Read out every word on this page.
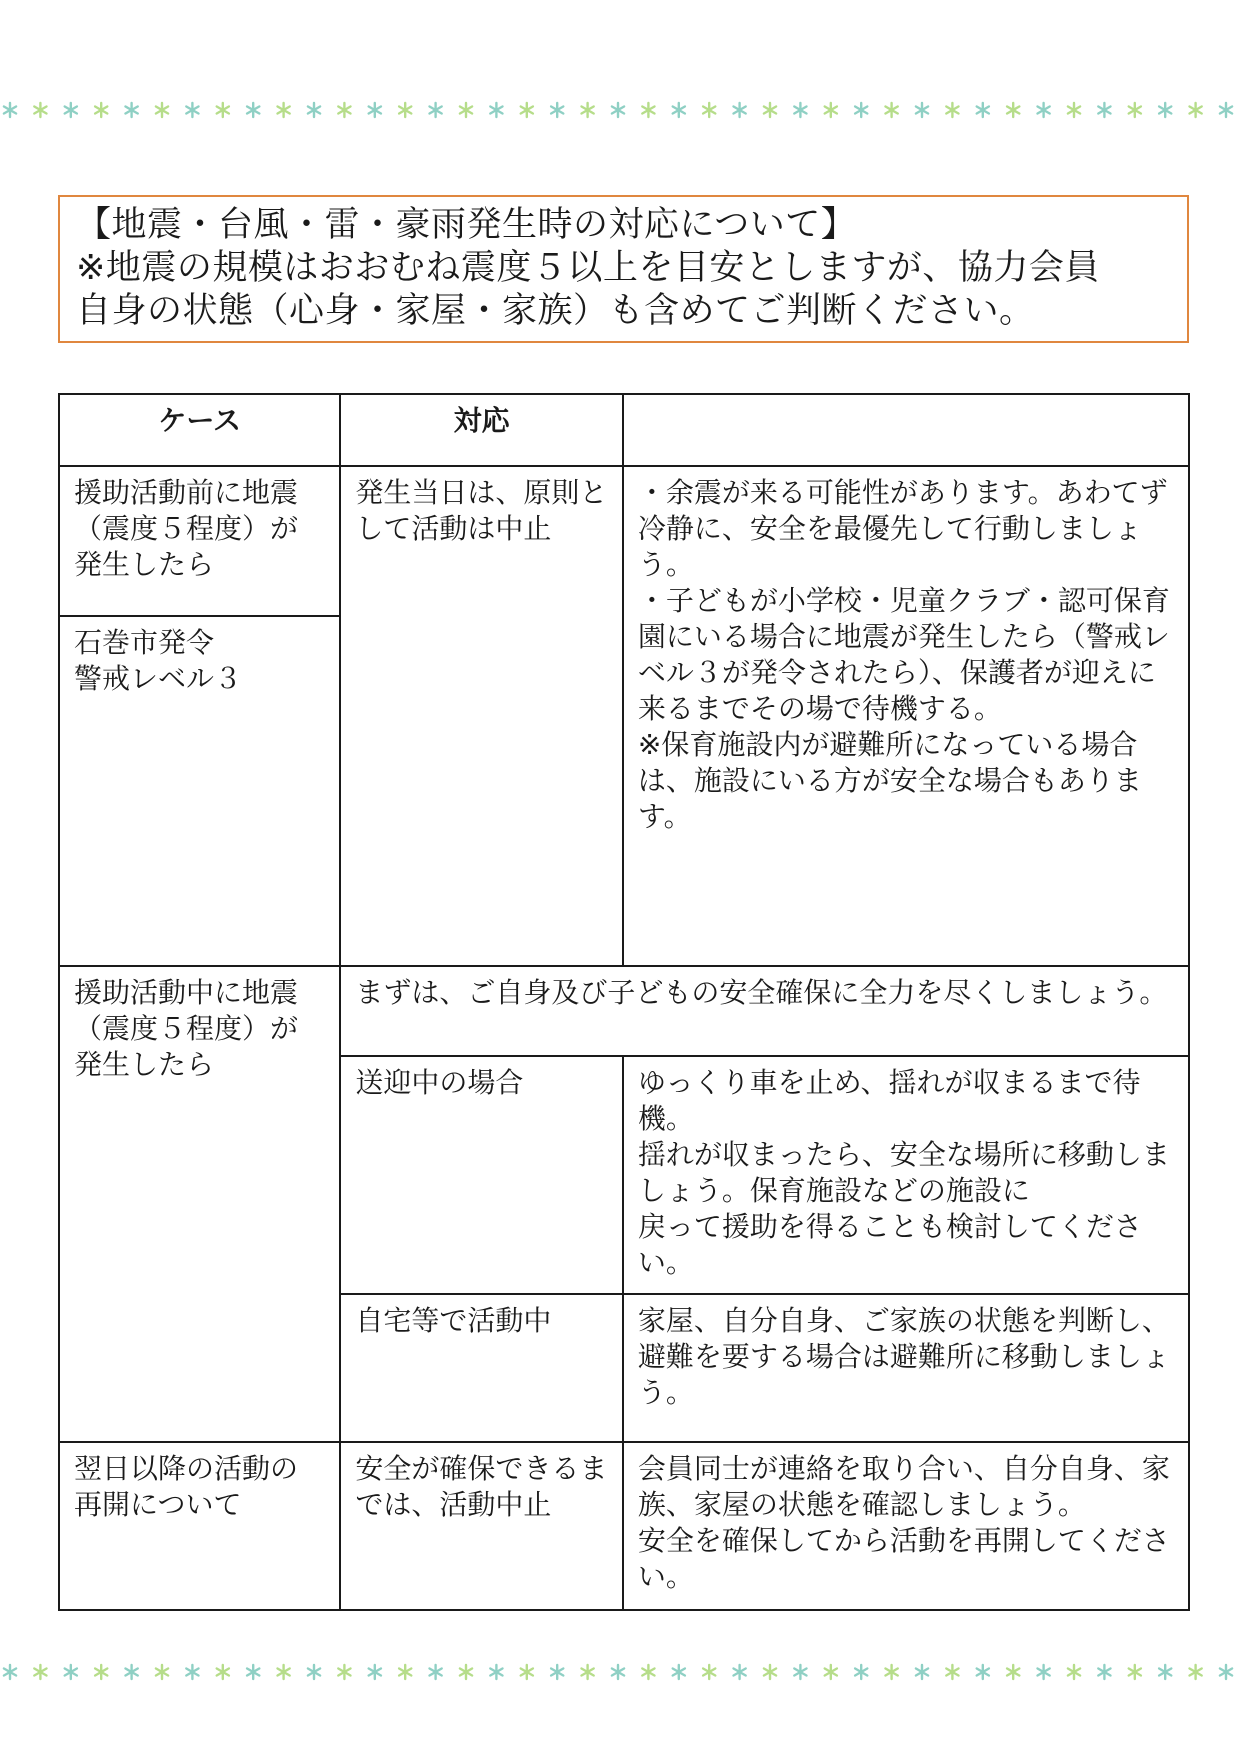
【地震・台風・雷・豪雨発生時の対応について】
※地震の規模はおおむね震度５以上を目安としますが、協力会員
自身の状態（心身・家屋・家族）も含めてご判断ください。
ケース	対応	
援助活動前に地震（震度５程度）が発生したら	発生当日は、原則として活動は中止	・余震が来る可能性があります。あわてず冷静に、安全を最優先して行動しましょう。
・子どもが小学校・児童クラブ・認可保育園にいる場合に地震が発生したら（警戒レベル３が発令されたら）、保護者が迎えに来るまでその場で待機する。
※保育施設内が避難所になっている場合は、施設にいる方が安全な場合もあります。
石巻市発令
警戒レベル３		
援助活動中に地震（震度５程度）が発生したら	まずは、ご自身及び子どもの安全確保に全力を尽くしましょう。	
	送迎中の場合	ゆっくり車を止め、揺れが収まるまで待機。
揺れが収まったら、安全な場所に移動しましょう。保育施設などの施設に
戻って援助を得ることも検討してください。
	自宅等で活動中	家屋、自分自身、ご家族の状態を判断し、避難を要する場合は避難所に移動しましょう。
翌日以降の活動の再開について	安全が確保できるまでは、活動中止	会員同士が連絡を取り合い、自分自身、家族、家屋の状態を確認しましょう。
安全を確保してから活動を再開してください。
